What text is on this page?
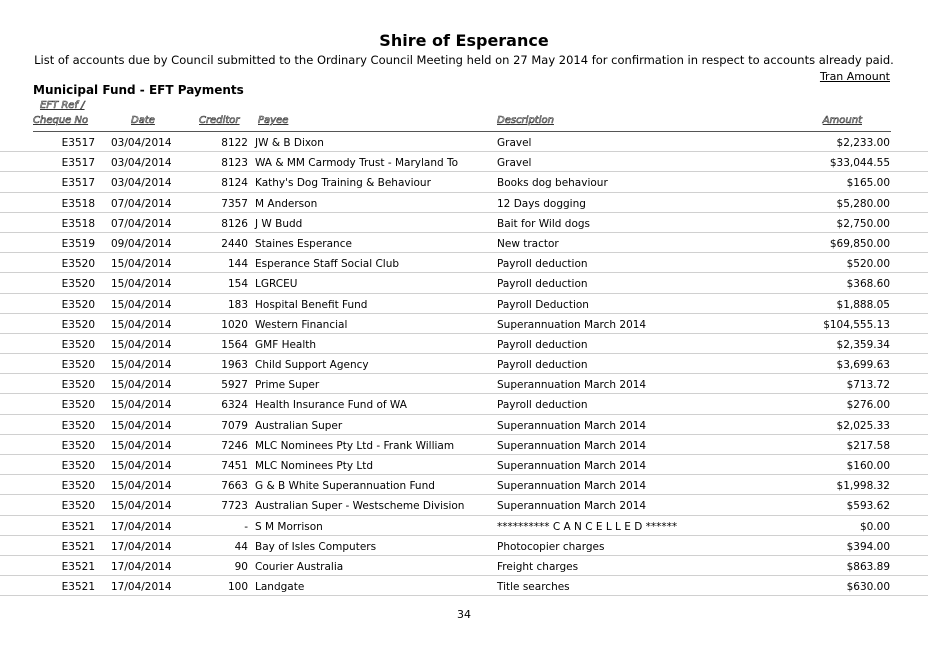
Shire of Esperance
List of accounts due by Council submitted to the Ordinary Council Meeting held on 27 May 2014 for confirmation in respect to accounts already paid.
Tran Amount
Municipal Fund - EFT Payments
EFT Ref /
Cheque No	Date	Creditor Payee	Description	Amount
E3517 03/04/2014	8122 JW & B Dixon	Gravel	$2,233.00
E3517 03/04/2014	8123 WA & MM Carmody Trust - Maryland To	Gravel	$33,044.55
E3517 03/04/2014	8124 Kathy's Dog Training & Behaviour	Books dog behaviour	$165.00
E3518 07/04/2014	7357 M Anderson	12 Days dogging	$5,280.00
E3518 07/04/2014	8126 J W Budd	Bait for Wild dogs	$2,750.00
E3519 09/04/2014	2440 Staines Esperance	New tractor	$69,850.00
E3520 15/04/2014	144 Esperance Staff Social Club	Payroll deduction	$520.00
E3520 15/04/2014	154 LGRCEU	Payroll deduction	$368.60
E3520 15/04/2014	183 Hospital Benefit Fund	Payroll Deduction	$1,888.05
E3520 15/04/2014	1020 Western Financial	Superannuation March 2014	$104,555.13
E3520 15/04/2014	1564 GMF Health	Payroll deduction	$2,359.34
E3520 15/04/2014	1963 Child Support Agency	Payroll deduction	$3,699.63
E3520 15/04/2014	5927 Prime Super	Superannuation March 2014	$713.72
E3520 15/04/2014	6324 Health Insurance Fund of WA	Payroll deduction	$276.00
E3520 15/04/2014	7079 Australian Super	Superannuation March 2014	$2,025.33
E3520 15/04/2014	7246 MLC Nominees Pty Ltd - Frank William	Superannuation March 2014	$217.58
E3520 15/04/2014	7451 MLC Nominees Pty Ltd	Superannuation March 2014	$160.00
E3520 15/04/2014	7663 G & B White Superannuation Fund	Superannuation March 2014	$1,998.32
E3520 15/04/2014	7723 Australian Super - Westscheme Division	Superannuation March 2014	$593.62
E3521 17/04/2014	- S M Morrison	********** C A N C E L L E D ******	$0.00
E3521 17/04/2014	44 Bay of Isles Computers	Photocopier charges	$394.00
E3521 17/04/2014	90 Courier Australia	Freight charges	$863.89
E3521 17/04/2014	100 Landgate	Title searches	$630.00
34
